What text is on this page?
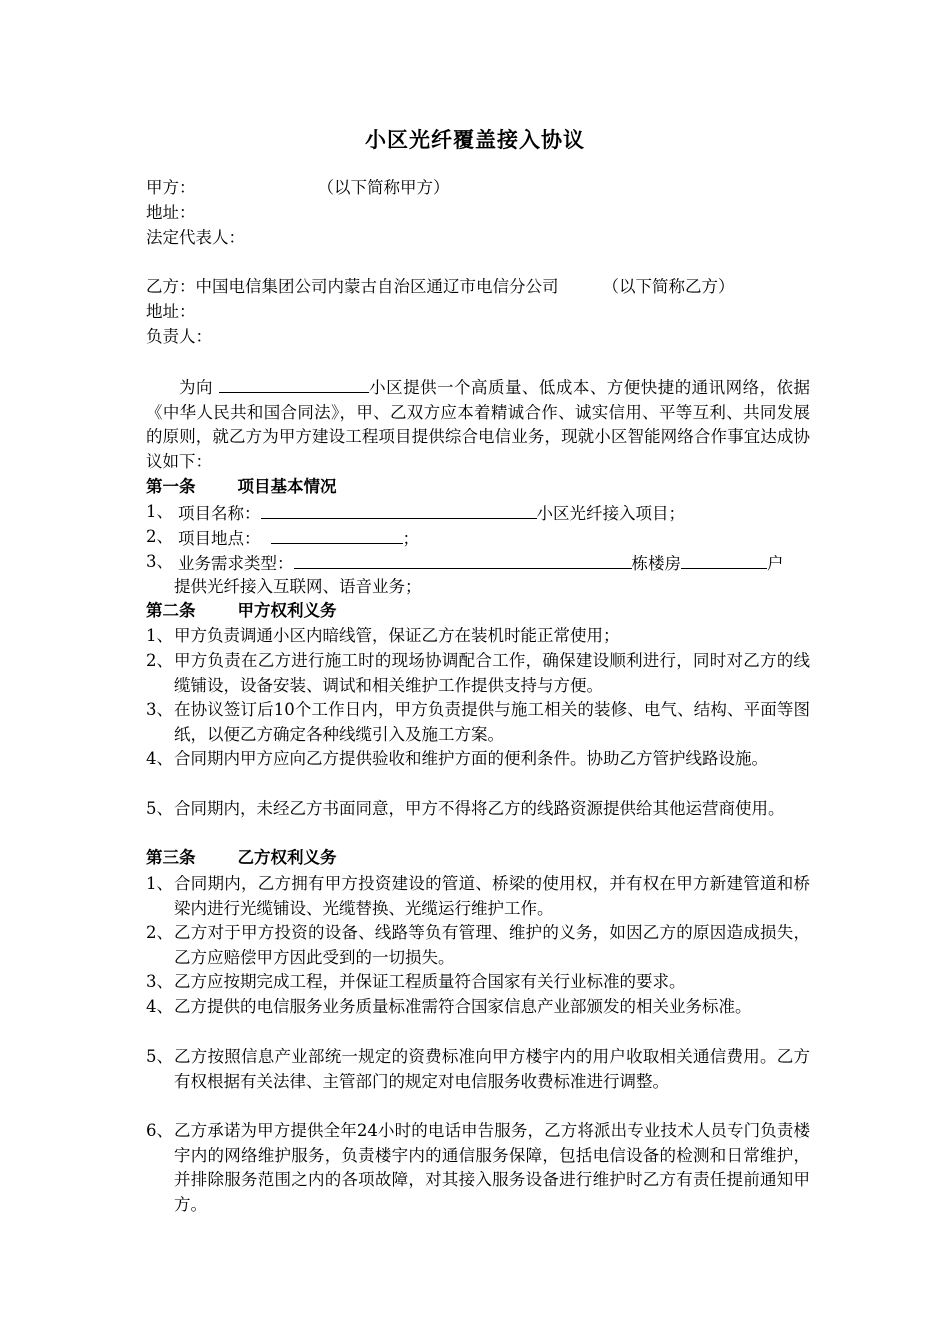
小区光纤覆盖接入协议
甲方：	（以下简称甲方）
地址：
法定代表人：
乙方：中国电信集团公司内蒙古自治区通辽市电信分公司	（以下简称乙方）
地址：
负责人：
为向	小区提供一个高质量、低成本、方便快捷的通讯网络，依据《中华人民共和国合同法》，甲、乙双方应本着精诚合作、诚实信用、平等互利、共同发展的原则，就乙方为甲方建设工程项目提供综合电信业务，现就小区智能网络合作事宜达成协议如下：
第一条	项目基本情况
1、 项目名称：	小区光纤接入项目；
2、 项目地点：	；
3、 业务需求类型：	栋楼房	户
提供光纤接入互联网、语音业务；
第二条	甲方权利义务
1、 甲方负责调通小区内暗线管，保证乙方在装机时能正常使用；
2、 甲方负责在乙方进行施工时的现场协调配合工作，确保建设顺利进行，同时对乙方的线缆铺设，设备安装、调试和相关维护工作提供支持与方便。
3、 在协议签订后10个工作日内，甲方负责提供与施工相关的装修、电气、结构、平面等图纸，以便乙方确定各种线缆引入及施工方案。
4、 合同期内甲方应向乙方提供验收和维护方面的便利条件。协助乙方管护线路设施。
5、 合同期内，未经乙方书面同意，甲方不得将乙方的线路资源提供给其他运营商使用。
第三条	乙方权利义务
1、 合同期内，乙方拥有甲方投资建设的管道、桥梁的使用权，并有权在甲方新建管道和桥梁内进行光缆铺设、光缆替换、光缆运行维护工作。
2、 乙方对于甲方投资的设备、线路等负有管理、维护的义务，如因乙方的原因造成损失，乙方应赔偿甲方因此受到的一切损失。
3、 乙方应按期完成工程，并保证工程质量符合国家有关行业标准的要求。
4、 乙方提供的电信服务业务质量标准需符合国家信息产业部颁发的相关业务标准。
5、 乙方按照信息产业部统一规定的资费标准向甲方楼宇内的用户收取相关通信费用。乙方有权根据有关法律、主管部门的规定对电信服务收费标准进行调整。
6、 乙方承诺为甲方提供全年24小时的电话申告服务，乙方将派出专业技术人员专门负责楼宇内的网络维护服务，负责楼宇内的通信服务保障，包括电信设备的检测和日常维护，并排除服务范围之内的各项故障，对其接入服务设备进行维护时乙方有责任提前通知甲方。
